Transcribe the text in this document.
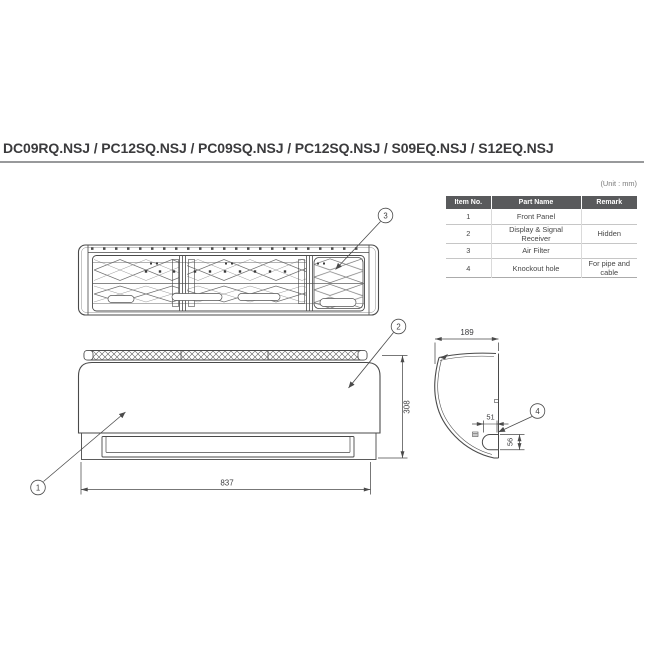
DC09RQ.NSJ / PC12SQ.NSJ / PC09SQ.NSJ / PC12SQ.NSJ / S09EQ.NSJ / S12EQ.NSJ
(Unit : mm)
Item No.	Part Name	Remark
1	Front Panel	
2	Display & Signal Receiver	Hidden
3	Air Filter	
4	Knockout hole	For pipe and cable
837
308
189
51
56
1
2
3
4
